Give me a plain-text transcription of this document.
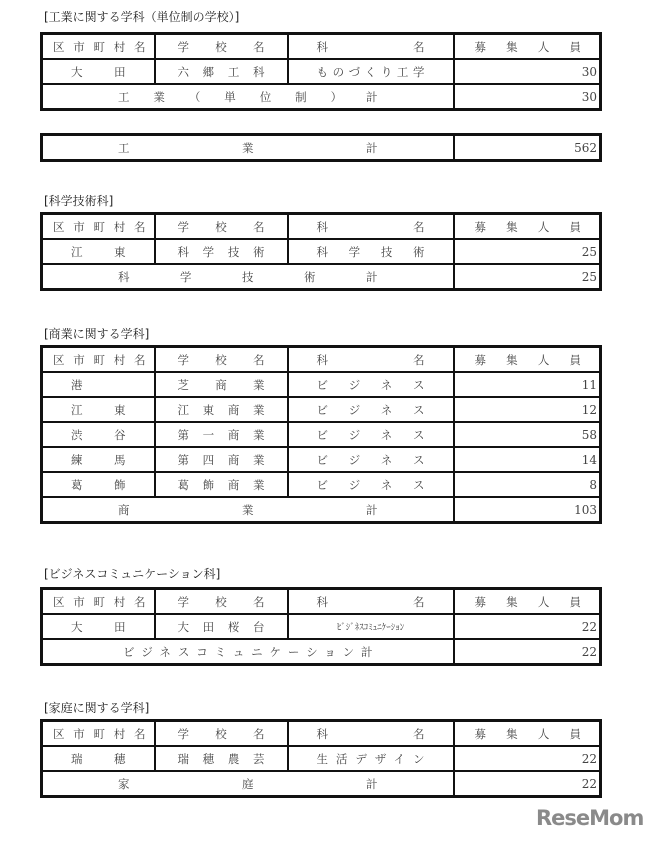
[工業に関する学科（単位制の学校）]
区市町村名	学校名	科名	募集人員
大田	六郷工科	ものづくり工学	30
工業（単位制）計			30
工業計	562
[科学技術科]
区市町村名	学校名	科名	募集人員
江東	科学技術	科学技術	25
科学技術計			25
[商業に関する学科]
区市町村名	学校名	科名	募集人員
港	芝商業	ビジネス	11
江東	江東商業	ビジネス	12
渋谷	第一商業	ビジネス	58
練馬	第四商業	ビジネス	14
葛飾	葛飾商業	ビジネス	8
商業計			103
[ビジネスコミュニケーション科]
区市町村名	学校名	科名	募集人員
大田	大田桜台	ﾋﾞｼﾞﾈｽｺﾐｭﾆｹｰｼｮﾝ	22
ビジネスコミュニケーション計			22
[家庭に関する学科]
区市町村名	学校名	科名	募集人員
瑞穂	瑞穂農芸	生活デザイン	22
家庭計			22
ReseMom
